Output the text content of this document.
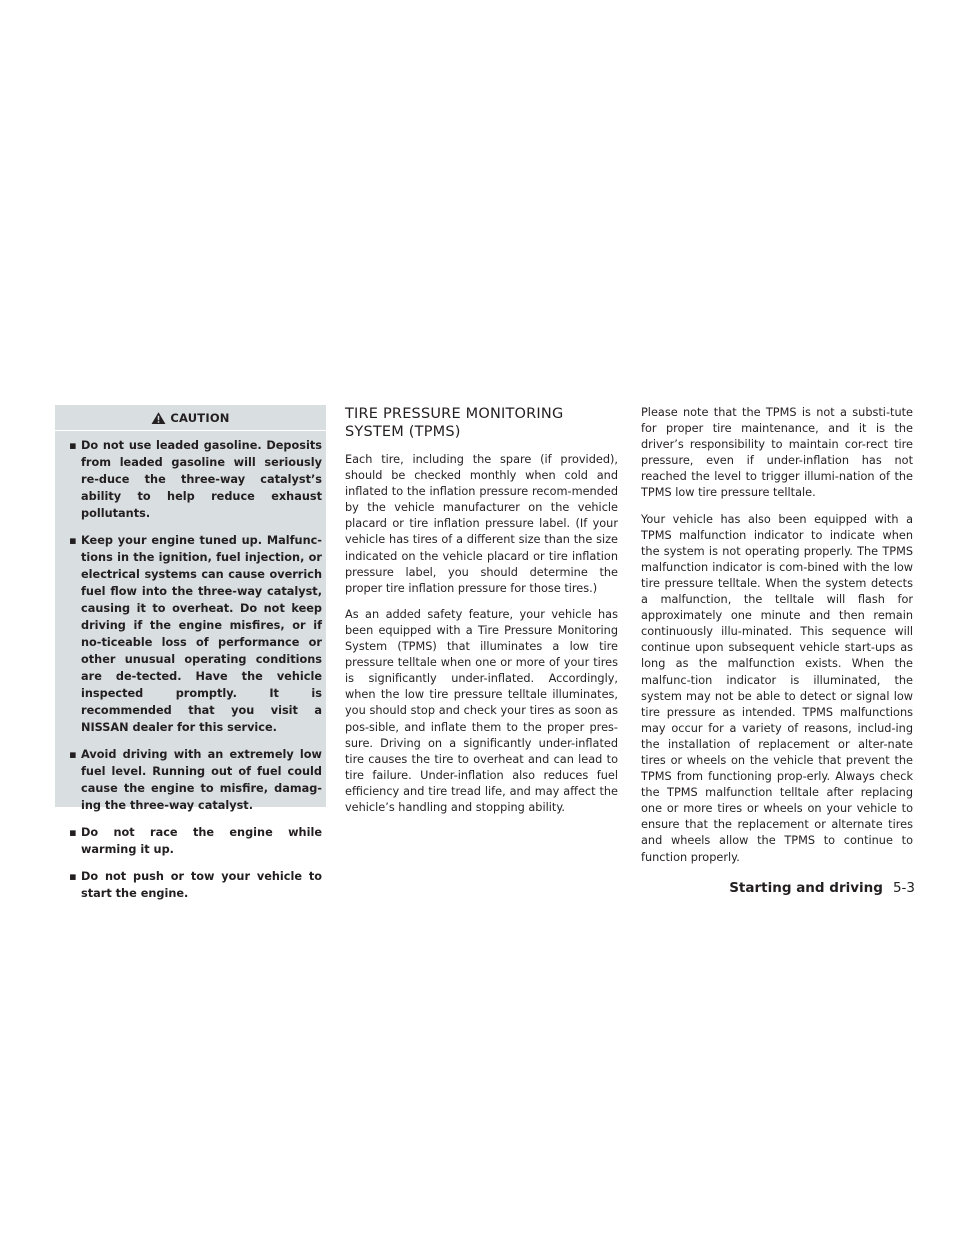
CAUTION
▪ Do not use leaded gasoline. Deposits from leaded gasoline will seriously re-duce the three-way catalyst’s ability to help reduce exhaust pollutants.
▪ Keep your engine tuned up. Malfunc-tions in the ignition, fuel injection, or electrical systems can cause overrich fuel flow into the three-way catalyst, causing it to overheat. Do not keep driving if the engine misfires, or if no-ticeable loss of performance or other unusual operating conditions are de-tected. Have the vehicle inspected promptly. It is recommended that you visit a NISSAN dealer for this service.
▪ Avoid driving with an extremely low fuel level. Running out of fuel could cause the engine to misfire, damag-ing the three-way catalyst.
▪ Do not race the engine while warming it up.
▪ Do not push or tow your vehicle to start the engine.
TIRE PRESSURE MONITORING
SYSTEM (TPMS)

Each tire, including the spare (if provided), should be checked monthly when cold and inflated to the inflation pressure recom-mended by the vehicle manufacturer on the vehicle placard or tire inflation pressure label. (If your vehicle has tires of a different size than the size indicated on the vehicle placard or tire inflation pressure label, you should determine the proper tire inflation pressure for those tires.)

As an added safety feature, your vehicle has been equipped with a Tire Pressure Monitoring System (TPMS) that illuminates a low tire pressure telltale when one or more of your tires is significantly under-inflated. Accordingly, when the low tire pressure telltale illuminates, you should stop and check your tires as soon as pos-sible, and inflate them to the proper pres-sure. Driving on a significantly under-inflated tire causes the tire to overheat and can lead to tire failure. Under-inflation also reduces fuel efficiency and tire tread life, and may affect the vehicle’s handling and stopping ability.

Please note that the TPMS is not a substi-tute for proper tire maintenance, and it is the driver’s responsibility to maintain cor-rect tire pressure, even if under-inflation has not reached the level to trigger illumi-nation of the TPMS low tire pressure telltale.

Your vehicle has also been equipped with a TPMS malfunction indicator to indicate when the system is not operating properly. The TPMS malfunction indicator is com-bined with the low tire pressure telltale. When the system detects a malfunction, the telltale will flash for approximately one minute and then remain continuously illu-minated. This sequence will continue upon subsequent vehicle start-ups as long as the malfunction exists. When the malfunc-tion indicator is illuminated, the system may not be able to detect or signal low tire pressure as intended. TPMS malfunctions may occur for a variety of reasons, includ-ing the installation of replacement or alter-nate tires or wheels on the vehicle that prevent the TPMS from functioning prop-erly. Always check the TPMS malfunction telltale after replacing one or more tires or wheels on your vehicle to ensure that the replacement or alternate tires and wheels allow the TPMS to continue to function properly.

Starting and driving 5-3
